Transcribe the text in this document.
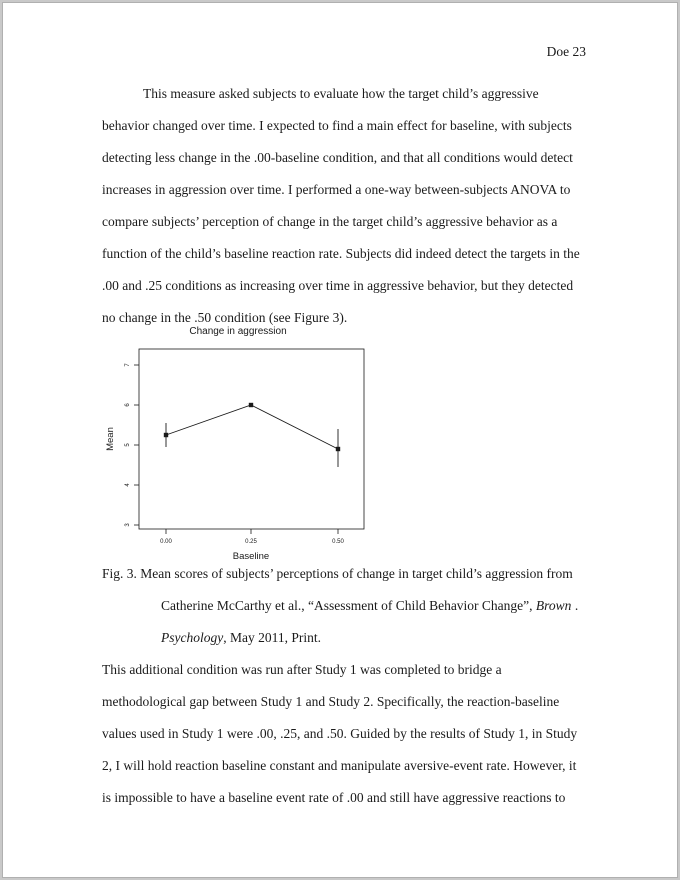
Doe 23
This measure asked subjects to evaluate how the target child’s aggressive
behavior changed over time. I expected to find a main effect for baseline, with subjects
detecting less change in the .00-baseline condition, and that all conditions would detect
increases in aggression over time. I performed a one-way between-subjects ANOVA to
compare subjects’ perception of change in the target child’s aggressive behavior as a
function of the child’s baseline reaction rate. Subjects did indeed detect the targets in the
.00 and .25 conditions as increasing over time in aggressive behavior, but they detected
no change in the .50 condition (see Figure 3).
Change in aggression
3
4
5
6
7
0.00	0.25	0.50
Mean
Baseline
Fig. 3. Mean scores of subjects’ perceptions of change in target child’s aggression from
Catherine McCarthy et al., “Assessment of Child Behavior Change”, Brown .
Psychology, May 2011, Print.
This additional condition was run after Study 1 was completed to bridge a
methodological gap between Study 1 and Study 2. Specifically, the reaction-baseline
values used in Study 1 were .00, .25, and .50. Guided by the results of Study 1, in Study
2, I will hold reaction baseline constant and manipulate aversive-event rate. However, it
is impossible to have a baseline event rate of .00 and still have aggressive reactions to
